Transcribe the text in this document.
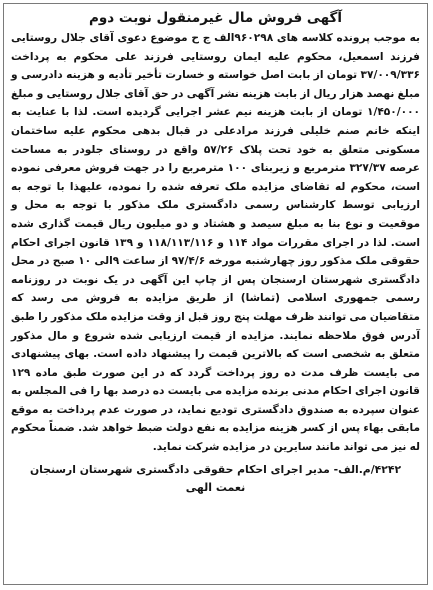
آگهی فروش مال غیرمنقول نوبت دوم

به موجب پرونده کلاسه های ۹۶۰۲۹۸الف ج ح موضوع دعوی آقای جلال روستایی فرزند اسمعیل، محکوم علیه ایمان روستایی فرزند علی محکوم به پرداخت ۳۷/۰۰۹/۳۳۶ تومان از بابت اصل خواسته و خسارت تأخیر تأدیه و هزینه دادرسی و مبلغ نهصد هزار ریال از بابت هزینه نشر آگهی در حق آقای جلال روستایی و مبلغ ۱/۴۵۰/۰۰۰ تومان از بابت هزینه نیم عشر اجرایی گردیده است. لذا با عنایت به اینکه خانم صنم خلیلی فرزند مرادعلی در قبال بدهی محکوم علیه ساختمان مسکونی متعلق به خود تحت پلاک ۵۷/۲۶ واقع در روستای جلودر به مساحت عرصه ۳۲۷/۳۷ مترمربع و زیربنای ۱۰۰ مترمربع را در جهت فروش معرفی نموده است، محکوم له تقاضای مزایده ملک تعرفه شده را نموده، علیهذا با توجه به ارزیابی توسط کارشناس رسمی دادگستری ملک مذکور با توجه به محل و موقعیت و نوع بنا به مبلغ سیصد و هشتاد و دو میلیون ریال قیمت گذاری شده است. لذا در اجرای مقررات مواد ۱۱۴ و ۱۱۸/۱۱۳/۱۱۶ و ۱۳۹ قانون اجرای احکام حقوقی ملک مذکور روز چهارشنبه مورخه ۹۷/۴/۶ از ساعت ۹الی ۱۰ صبح در محل دادگستری شهرستان ارسنجان پس از چاپ این آگهی در یک نوبت در روزنامه رسمی جمهوری اسلامی (تماشا) از طریق مزایده به فروش می رسد که متقاضیان می توانند ظرف مهلت پنج روز قبل از وقت مزایده ملک مذکور را طبق آدرس فوق ملاحظه نمایند. مزایده از قیمت ارزیابی شده شروع و مال مذکور متعلق به شخصی است که بالاترین قیمت را پیشنهاد داده است. بهای پیشنهادی می بایست ظرف مدت ده روز پرداخت گردد که در این صورت طبق ماده ۱۲۹ قانون اجرای احکام مدنی برنده مزایده می بایست ده درصد بها را فی المجلس به عنوان سپرده به صندوق دادگستری تودیع نماید، در صورت عدم پرداخت به موقع مابقی بهاء پس از کسر هزینه مزایده به نفع دولت ضبط خواهد شد. ضمناً محکوم له نیز می تواند مانند سایرین در مزایده شرکت نماید.

۴۲۴۲/م.الف- مدیر اجرای احکام حقوقی دادگستری شهرستان ارسنجان
نعمت الهی
